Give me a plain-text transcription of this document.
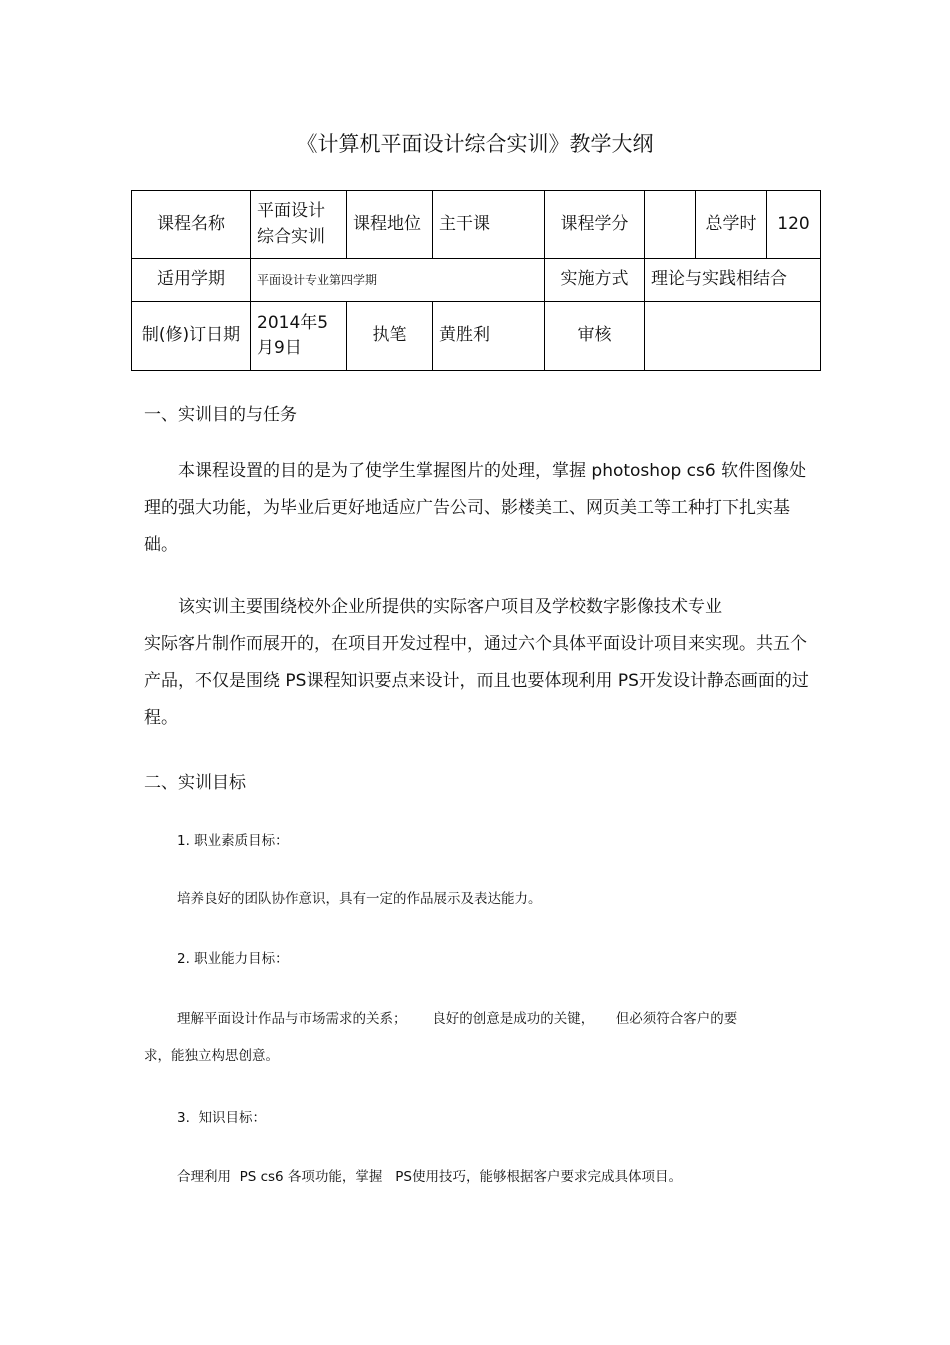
《计算机平面设计综合实训》教学大纲
课程名称	平面设计综合实训	课程地位	主干课	课程学分		总学时	120
适用学期	平面设计专业第四学期			实施方式	理论与实践相结合		
制(修)订日期	2014年5月9日	执笔	黄胜利	审核			
一、实训目的与任务
本课程设置的目的是为了使学生掌握图片的处理，掌握 photoshop cs6 软件图像处理的强大功能，为毕业后更好地适应广告公司、影楼美工、网页美工等工种打下扎实基础。
该实训主要围绕校外企业所提供的实际客户项目及学校数字影像技术专业
实际客片制作而展开的，在项目开发过程中，通过六个具体平面设计项目来实现。共五个产品，不仅是围绕 PS课程知识要点来设计，而且也要体现利用 PS开发设计静态画面的过程。
二、实训目标
1. 职业素质目标：
培养良好的团队协作意识，具有一定的作品展示及表达能力。
2. 职业能力目标：
理解平面设计作品与市场需求的关系；      良好的创意是成功的关键，     但必须符合客户的要
求，能独立构思创意。
3.  知识目标：
合理利用  PS cs6 各项功能，掌握   PS使用技巧，能够根据客户要求完成具体项目。
